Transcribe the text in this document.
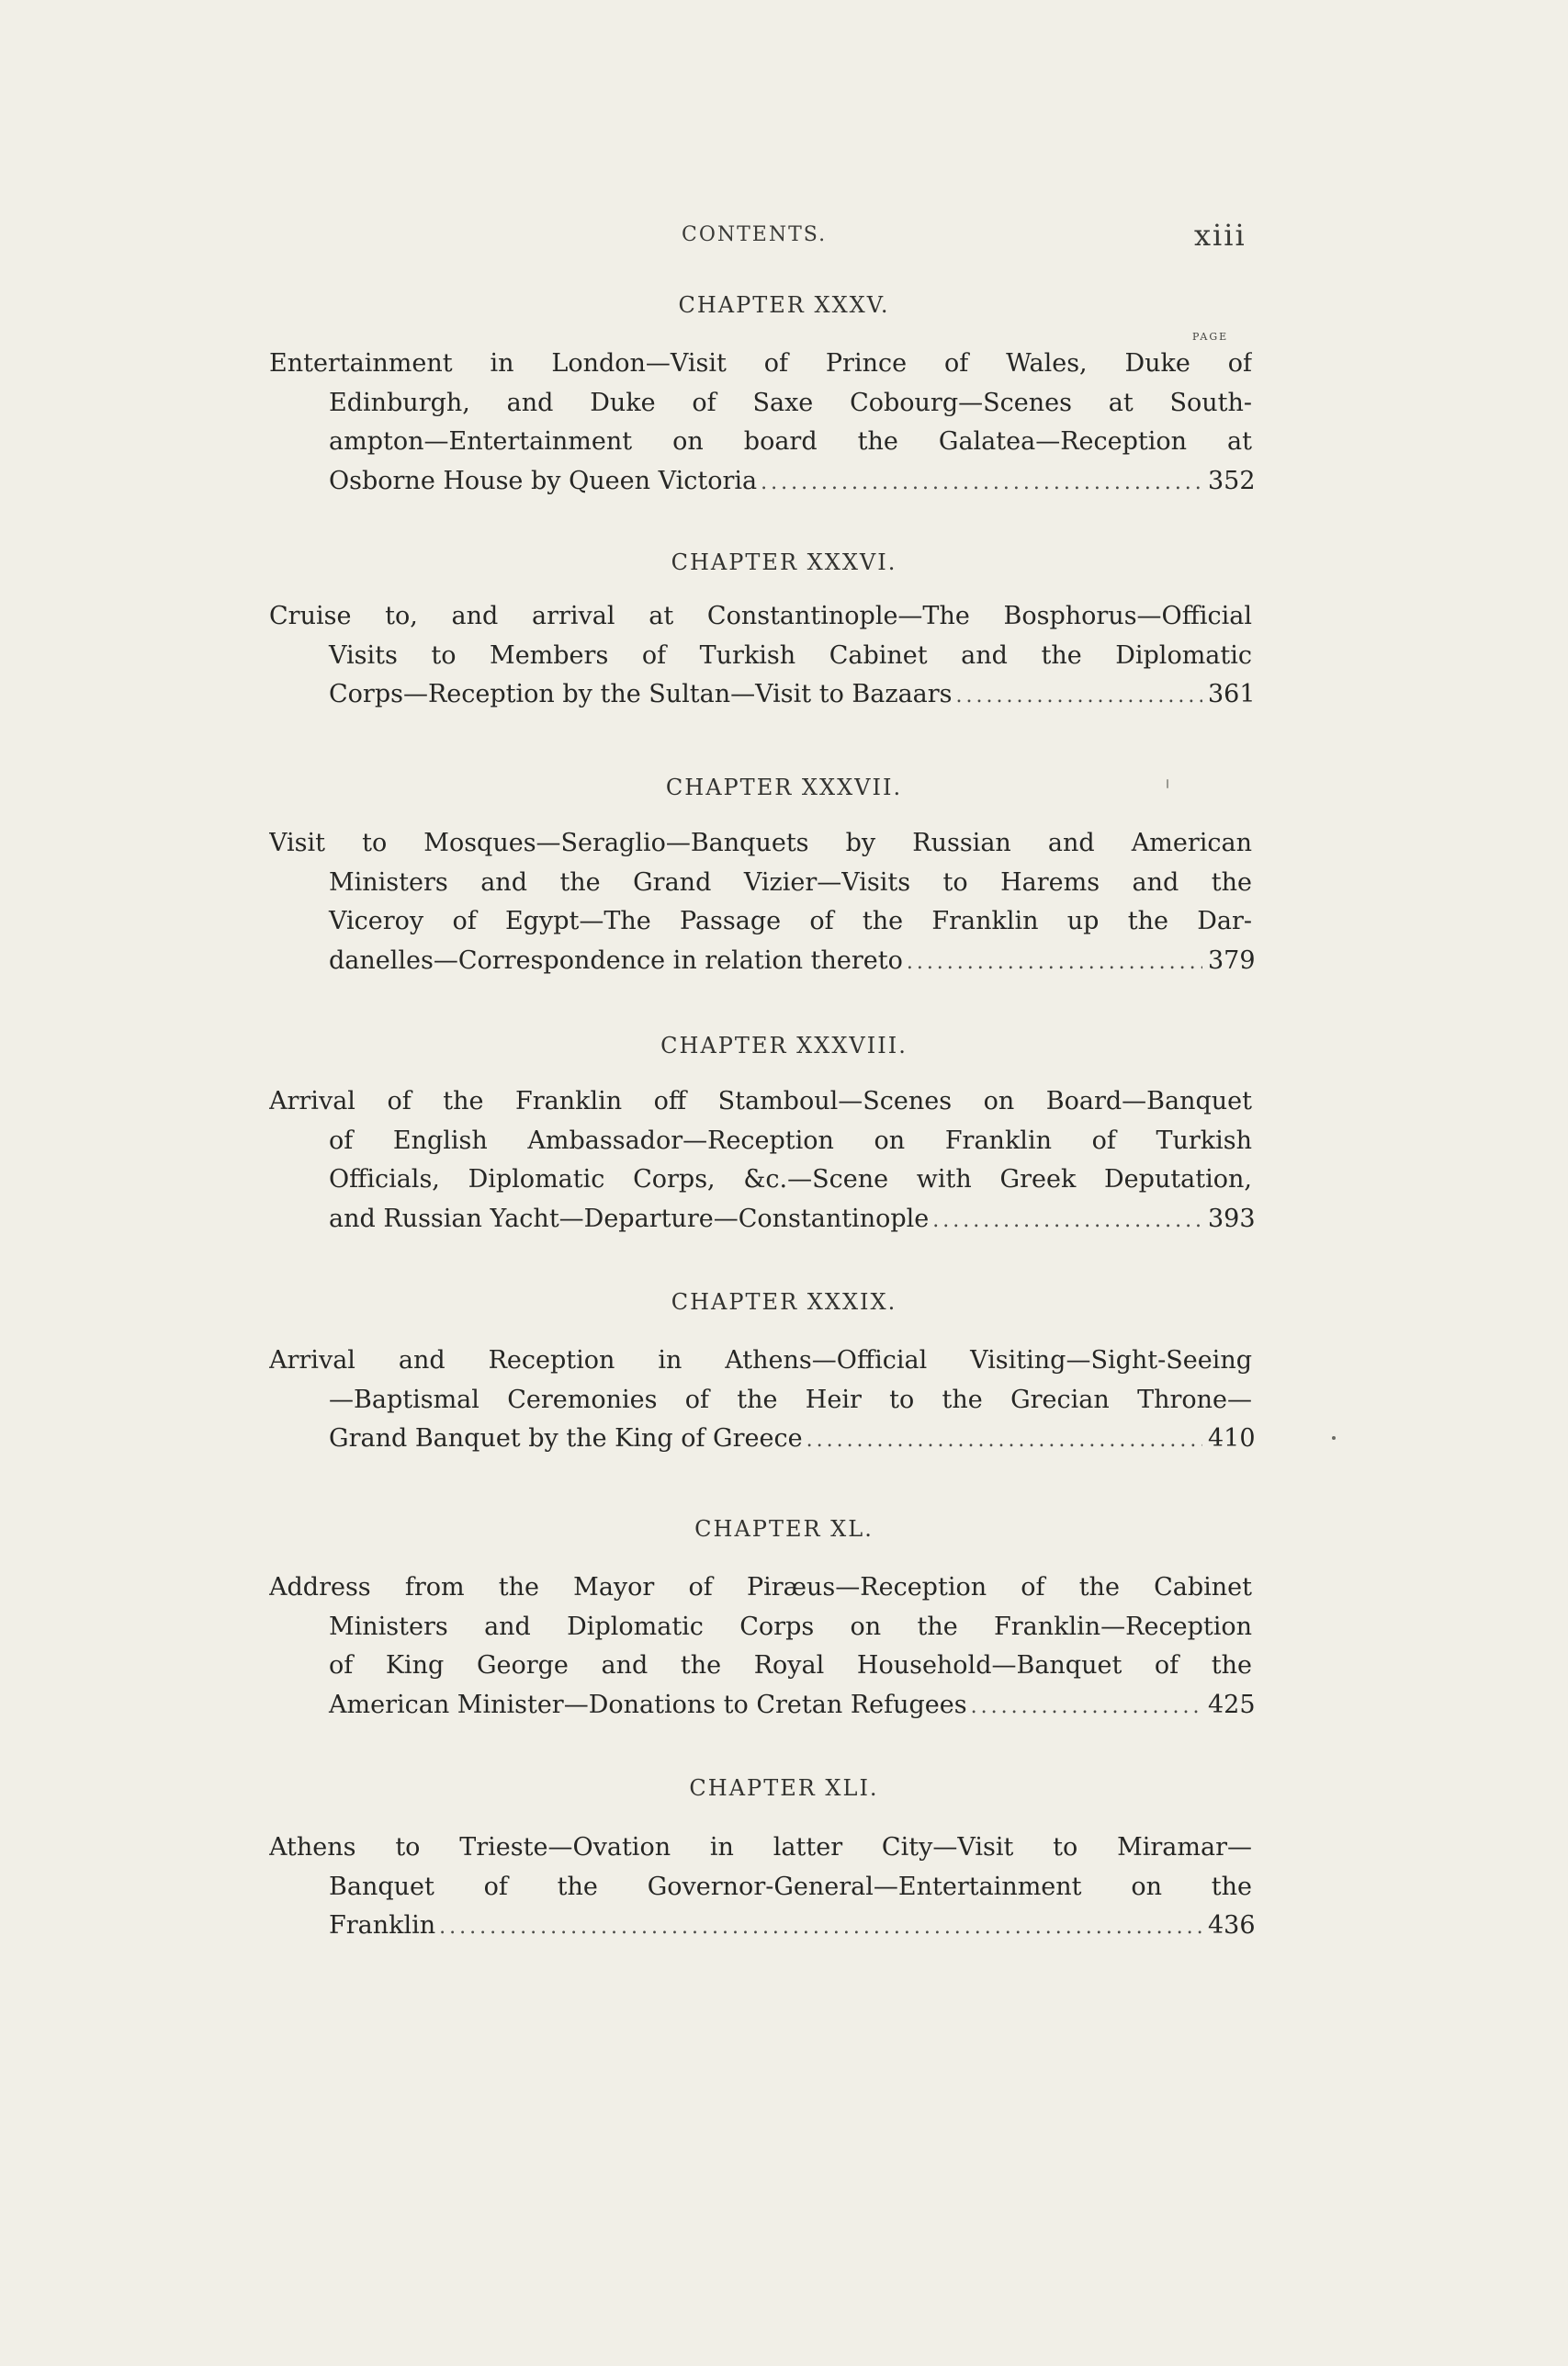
CONTENTS.	xiii
PAGE
CHAPTER XXXV.
Entertainment in London—Visit of Prince of Wales, Duke of
Edinburgh, and Duke of Saxe Cobourg—Scenes at South-
ampton—Entertainment on board the Galatea—Reception at
Osborne House by Queen Victoria .....	352
CHAPTER XXXVI.
Cruise to, and arrival at Constantinople—The Bosphorus—Official
Visits to Members of Turkish Cabinet and the Diplomatic
Corps—Reception by the Sultan—Visit to Bazaars .....	361
CHAPTER XXXVII.
Visit to Mosques—Seraglio—Banquets by Russian and American
Ministers and the Grand Vizier—Visits to Harems and the
Viceroy of Egypt—The Passage of the Franklin up the Dar-
danelles—Correspondence in relation thereto .....	379
CHAPTER XXXVIII.
Arrival of the Franklin off Stamboul—Scenes on Board—Banquet
of English Ambassador—Reception on Franklin of Turkish
Officials, Diplomatic Corps, &c.—Scene with Greek Deputation,
and Russian Yacht—Departure—Constantinople .....	393
CHAPTER XXXIX.
Arrival and Reception in Athens—Official Visiting—Sight-Seeing
—Baptismal Ceremonies of the Heir to the Grecian Throne—
Grand Banquet by the King of Greece .....	410
CHAPTER XL.
Address from the Mayor of Piræus—Reception of the Cabinet
Ministers and Diplomatic Corps on the Franklin—Reception
of King George and the Royal Household—Banquet of the
American Minister—Donations to Cretan Refugees .....	425
CHAPTER XLI.
Athens to Trieste—Ovation in latter City—Visit to Miramar—
Banquet of the Governor-General—Entertainment on the
Franklin .....	436
